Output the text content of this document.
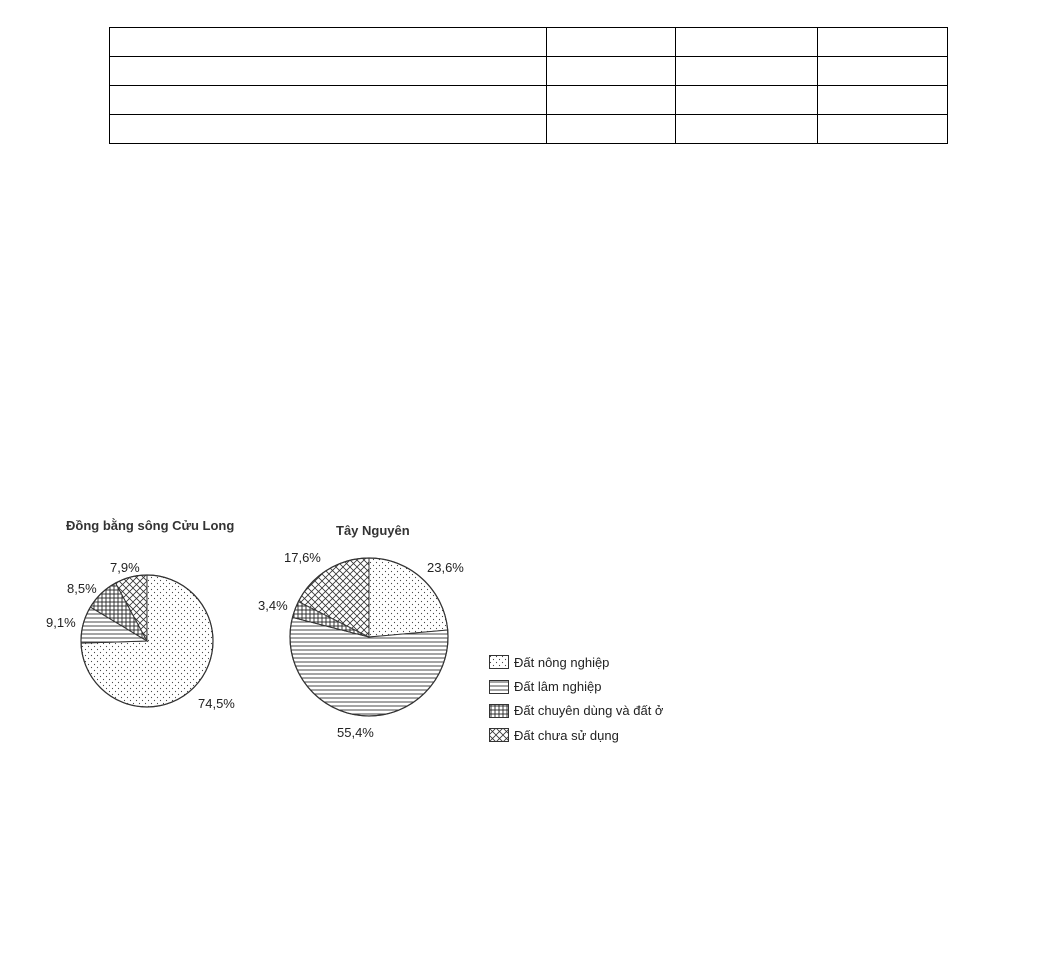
Đồng bằng sông Cửu Long	Tây Nguyên
74,5%
9,1%
8,5%
7,9%	23,6%
55,4%
3,4%
17,6%
Đất nông nghiệp
Đất lâm nghiệp
Đất chuyên dùng và đất ở
Đất chưa sử dụng
